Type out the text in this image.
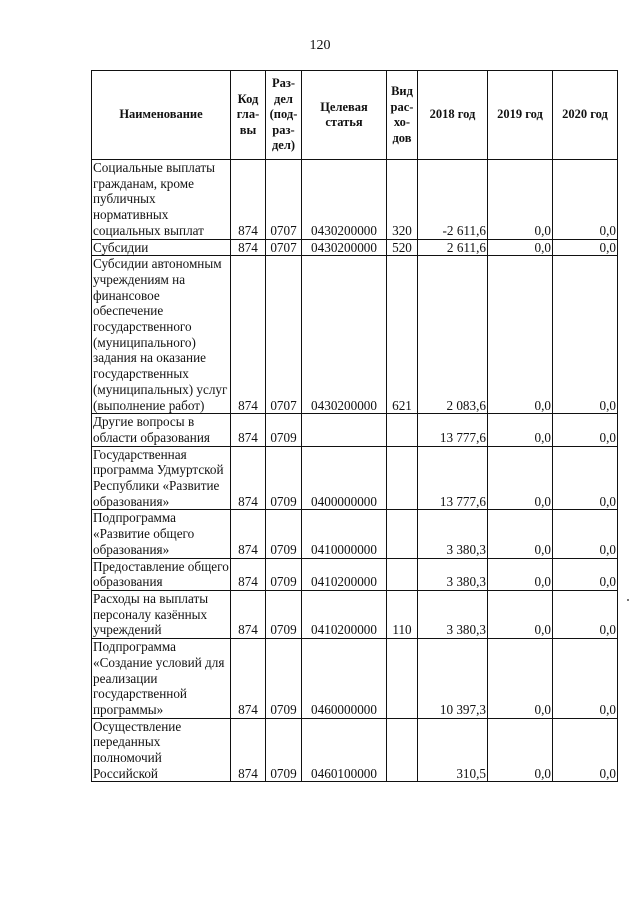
120
Наименование	Код гла-вы	Раз-дел (под-раз-дел)	Целевая статья	Вид рас-хо-дов	2018 год	2019 год	2020 год
Социальные выплаты гражданам, кроме публичных нормативных социальных выплат	874	0707	0430200000	320	-2 611,6	0,0	0,0
Субсидии	874	0707	0430200000	520	2 611,6	0,0	0,0
Субсидии автономным учреждениям на финансовое обеспечение государственного (муниципального) задания на оказание государственных (муниципальных) услуг (выполнение работ)	874	0707	0430200000	621	2 083,6	0,0	0,0
Другие вопросы в области образования	874	0709			13 777,6	0,0	0,0
Государственная программа Удмуртской Республики «Развитие образования»	874	0709	0400000000		13 777,6	0,0	0,0
Подпрограмма «Развитие общего образования»	874	0709	0410000000		3 380,3	0,0	0,0
Предоставление общего образования	874	0709	0410200000		3 380,3	0,0	0,0
Расходы на выплаты персоналу казённых учреждений	874	0709	0410200000	110	3 380,3	0,0	0,0
Подпрограмма «Создание условий для реализации государственной программы»	874	0709	0460000000		10 397,3	0,0	0,0
Осуществление переданных полномочий Российской	874	0709	0460100000		310,5	0,0	0,0
